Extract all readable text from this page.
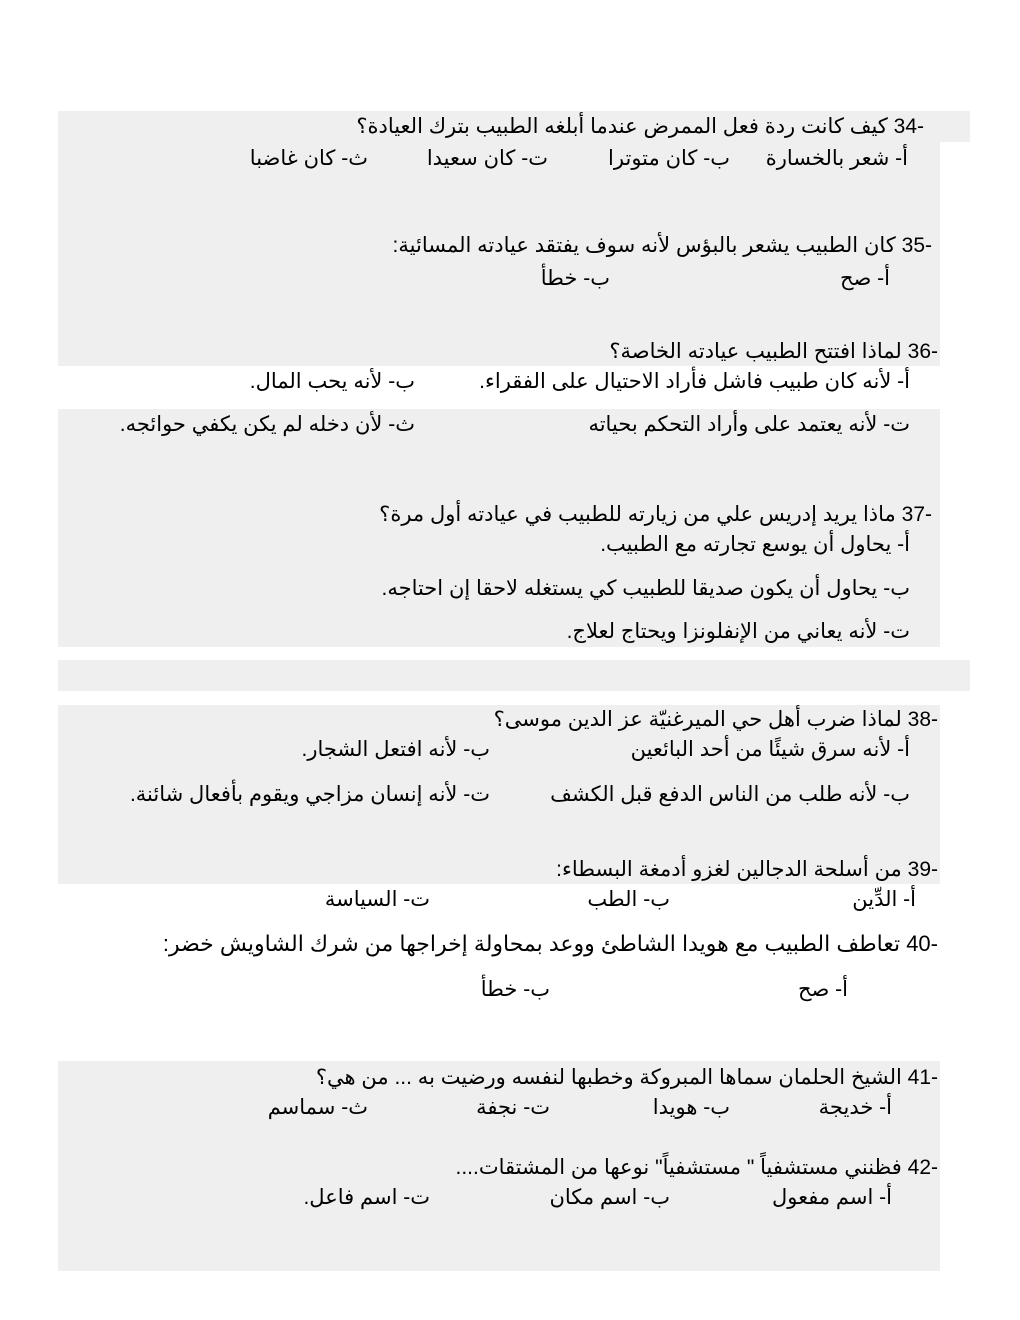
-34 كيف كانت ردة فعل الممرض عندما أبلغه الطبيب بترك العيادة؟
أ- شعر بالخسارة
ب- كان متوترا
ت- كان سعيدا
ث- كان غاضبا
-35 كان الطبيب يشعر بالبؤس لأنه سوف يفتقد عيادته المسائية:
أ- صح
ب- خطأ
-36 لماذا افتتح الطبيب عيادته الخاصة؟
أ- لأنه كان طبيب فاشل فأراد الاحتيال على الفقراء.
ب- لأنه يحب المال.
ت- لأنه يعتمد على وأراد التحكم بحياته
ث- لأن دخله لم يكن يكفي حوائجه.
-37 ماذا يريد إدريس علي من زيارته للطبيب في عيادته أول مرة؟
أ- يحاول أن يوسع تجارته مع الطبيب.
ب- يحاول أن يكون صديقا للطبيب كي يستغله لاحقا إن احتاجه.
ت- لأنه يعاني من الإنفلونزا ويحتاج لعلاج.
-38 لماذا ضرب أهل حي الميرغنيّة عز الدين موسى؟
أ- لأنه سرق شيئًا من أحد البائعين
ب- لأنه افتعل الشجار.
ب- لأنه طلب من الناس الدفع قبل الكشف
ت- لأنه إنسان مزاجي ويقوم بأفعال شائنة.
-39 من أسلحة الدجالين لغزو أدمغة البسطاء:
أ- الدِّين
ب- الطب
ت- السياسة
-40 تعاطف الطبيب مع هويدا الشاطئ ووعد بمحاولة إخراجها من شرك الشاويش خضر:
أ- صح
ب- خطأ
-41 الشيخ الحلمان سماها المبروكة وخطبها لنفسه ورضيت به ... من هي؟
أ- خديجة
ب- هويدا
ت- نجفة
ث- سماسم
-42 فظنني مستشفياً " مستشفياً" نوعها من المشتقات....
أ- اسم مفعول
ب- اسم مكان
ت- اسم فاعل.
